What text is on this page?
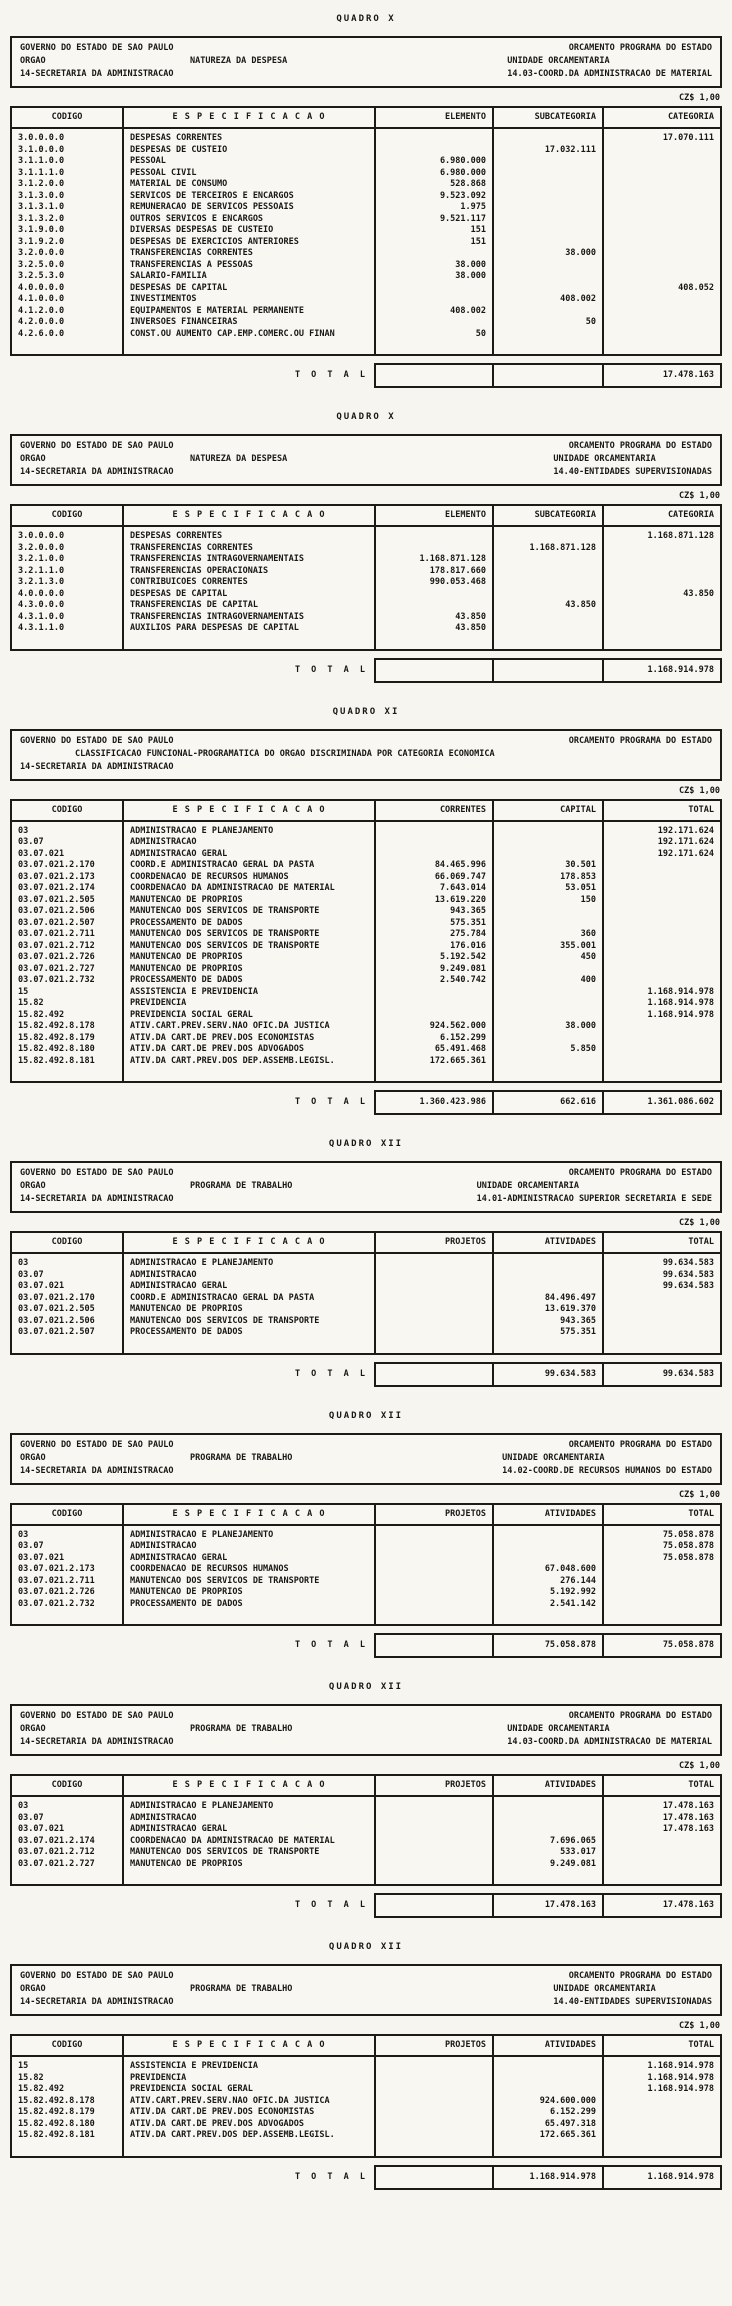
QUADRO X
GOVERNO DO ESTADO DE SAO PAULO
ORGAO	NATUREZA DA DESPESA
14-SECRETARIA DA ADMINISTRACAO
ORCAMENTO PROGRAMA DO ESTADO
UNIDADE ORCAMENTARIA
14.03-COORD.DA ADMINISTRACAO DE MATERIAL
CZ$ 1,00
CODIGO	E S P E C I F I C A C A O	ELEMENTO	SUBCATEGORIA	CATEGORIA
3.0.0.0.0	DESPESAS CORRENTES			17.070.111
3.1.0.0.0	DESPESAS DE CUSTEIO		17.032.111	
3.1.1.0.0	PESSOAL	6.980.000		
3.1.1.1.0	PESSOAL CIVIL	6.980.000		
3.1.2.0.0	MATERIAL DE CONSUMO	528.868		
3.1.3.0.0	SERVICOS DE TERCEIROS E ENCARGOS	9.523.092		
3.1.3.1.0	REMUNERACAO DE SERVICOS PESSOAIS	1.975		
3.1.3.2.0	OUTROS SERVICOS E ENCARGOS	9.521.117		
3.1.9.0.0	DIVERSAS DESPESAS DE CUSTEIO	151		
3.1.9.2.0	DESPESAS DE EXERCICIOS ANTERIORES	151		
3.2.0.0.0	TRANSFERENCIAS CORRENTES		38.000	
3.2.5.0.0	TRANSFERENCIAS A PESSOAS	38.000		
3.2.5.3.0	SALARIO-FAMILIA	38.000		
4.0.0.0.0	DESPESAS DE CAPITAL			408.052
4.1.0.0.0	INVESTIMENTOS		408.002	
4.1.2.0.0	EQUIPAMENTOS E MATERIAL PERMANENTE	408.002		
4.2.0.0.0	INVERSOES FINANCEIRAS		50	
4.2.6.0.0	CONST.OU AUMENTO CAP.EMP.COMERC.OU FINAN	50		
	T O T A L			17.478.163
QUADRO X
GOVERNO DO ESTADO DE SAO PAULO
ORGAO	NATUREZA DA DESPESA
14-SECRETARIA DA ADMINISTRACAO
ORCAMENTO PROGRAMA DO ESTADO
UNIDADE ORCAMENTARIA
14.40-ENTIDADES SUPERVISIONADAS
CZ$ 1,00
CODIGO	E S P E C I F I C A C A O	ELEMENTO	SUBCATEGORIA	CATEGORIA
3.0.0.0.0	DESPESAS CORRENTES			1.168.871.128
3.2.0.0.0	TRANSFERENCIAS CORRENTES		1.168.871.128	
3.2.1.0.0	TRANSFERENCIAS INTRAGOVERNAMENTAIS	1.168.871.128		
3.2.1.1.0	TRANSFERENCIAS OPERACIONAIS	178.817.660		
3.2.1.3.0	CONTRIBUICOES CORRENTES	990.053.468		
4.0.0.0.0	DESPESAS DE CAPITAL			43.850
4.3.0.0.0	TRANSFERENCIAS DE CAPITAL		43.850	
4.3.1.0.0	TRANSFERENCIAS INTRAGOVERNAMENTAIS	43.850		
4.3.1.1.0	AUXILIOS PARA DESPESAS DE CAPITAL	43.850		
	T O T A L			1.168.914.978
QUADRO XI
GOVERNO DO ESTADO DE SAO PAULO
CLASSIFICACAO FUNCIONAL-PROGRAMATICA DO ORGAO DISCRIMINADA POR CATEGORIA ECONOMICA
14-SECRETARIA DA ADMINISTRACAO
ORCAMENTO PROGRAMA DO ESTADO
CZ$ 1,00
CODIGO	E S P E C I F I C A C A O	CORRENTES	CAPITAL	TOTAL
03	ADMINISTRACAO E PLANEJAMENTO			192.171.624
03.07	ADMINISTRACAO			192.171.624
03.07.021	ADMINISTRACAO GERAL			192.171.624
03.07.021.2.170	COORD.E ADMINISTRACAO GERAL DA PASTA	84.465.996	30.501	
03.07.021.2.173	COORDENACAO DE RECURSOS HUMANOS	66.069.747	178.853	
03.07.021.2.174	COORDENACAO DA ADMINISTRACAO DE MATERIAL	7.643.014	53.051	
03.07.021.2.505	MANUTENCAO DE PROPRIOS	13.619.220	150	
03.07.021.2.506	MANUTENCAO DOS SERVICOS DE TRANSPORTE	943.365		
03.07.021.2.507	PROCESSAMENTO DE DADOS	575.351		
03.07.021.2.711	MANUTENCAO DOS SERVICOS DE TRANSPORTE	275.784	360	
03.07.021.2.712	MANUTENCAO DOS SERVICOS DE TRANSPORTE	176.016	355.001	
03.07.021.2.726	MANUTENCAO DE PROPRIOS	5.192.542	450	
03.07.021.2.727	MANUTENCAO DE PROPRIOS	9.249.081		
03.07.021.2.732	PROCESSAMENTO DE DADOS	2.540.742	400	
15	ASSISTENCIA E PREVIDENCIA			1.168.914.978
15.82	PREVIDENCIA			1.168.914.978
15.82.492	PREVIDENCIA SOCIAL GERAL			1.168.914.978
15.82.492.8.178	ATIV.CART.PREV.SERV.NAO OFIC.DA JUSTICA	924.562.000	38.000	
15.82.492.8.179	ATIV.DA CART.DE PREV.DOS ECONOMISTAS	6.152.299		
15.82.492.8.180	ATIV.DA CART.DE PREV.DOS ADVOGADOS	65.491.468	5.850	
15.82.492.8.181	ATIV.DA CART.PREV.DOS DEP.ASSEMB.LEGISL.	172.665.361		
	T O T A L	1.360.423.986	662.616	1.361.086.602
QUADRO XII
GOVERNO DO ESTADO DE SAO PAULO
ORGAO	PROGRAMA DE TRABALHO
14-SECRETARIA DA ADMINISTRACAO
ORCAMENTO PROGRAMA DO ESTADO
UNIDADE ORCAMENTARIA
14.01-ADMINISTRACAO SUPERIOR SECRETARIA E SEDE
CZ$ 1,00
CODIGO	E S P E C I F I C A C A O	PROJETOS	ATIVIDADES	TOTAL
03	ADMINISTRACAO E PLANEJAMENTO			99.634.583
03.07	ADMINISTRACAO			99.634.583
03.07.021	ADMINISTRACAO GERAL			99.634.583
03.07.021.2.170	COORD.E ADMINISTRACAO GERAL DA PASTA		84.496.497	
03.07.021.2.505	MANUTENCAO DE PROPRIOS		13.619.370	
03.07.021.2.506	MANUTENCAO DOS SERVICOS DE TRANSPORTE		943.365	
03.07.021.2.507	PROCESSAMENTO DE DADOS		575.351	
	T O T A L		99.634.583	99.634.583
QUADRO XII
GOVERNO DO ESTADO DE SAO PAULO
ORGAO	PROGRAMA DE TRABALHO
14-SECRETARIA DA ADMINISTRACAO
ORCAMENTO PROGRAMA DO ESTADO
UNIDADE ORCAMENTARIA
14.02-COORD.DE RECURSOS HUMANOS DO ESTADO
CZ$ 1,00
CODIGO	E S P E C I F I C A C A O	PROJETOS	ATIVIDADES	TOTAL
03	ADMINISTRACAO E PLANEJAMENTO			75.058.878
03.07	ADMINISTRACAO			75.058.878
03.07.021	ADMINISTRACAO GERAL			75.058.878
03.07.021.2.173	COORDENACAO DE RECURSOS HUMANOS		67.048.600	
03.07.021.2.711	MANUTENCAO DOS SERVICOS DE TRANSPORTE		276.144	
03.07.021.2.726	MANUTENCAO DE PROPRIOS		5.192.992	
03.07.021.2.732	PROCESSAMENTO DE DADOS		2.541.142	
	T O T A L		75.058.878	75.058.878
QUADRO XII
GOVERNO DO ESTADO DE SAO PAULO
ORGAO	PROGRAMA DE TRABALHO
14-SECRETARIA DA ADMINISTRACAO
ORCAMENTO PROGRAMA DO ESTADO
UNIDADE ORCAMENTARIA
14.03-COORD.DA ADMINISTRACAO DE MATERIAL
CZ$ 1,00
CODIGO	E S P E C I F I C A C A O	PROJETOS	ATIVIDADES	TOTAL
03	ADMINISTRACAO E PLANEJAMENTO			17.478.163
03.07	ADMINISTRACAO			17.478.163
03.07.021	ADMINISTRACAO GERAL			17.478.163
03.07.021.2.174	COORDENACAO DA ADMINISTRACAO DE MATERIAL		7.696.065	
03.07.021.2.712	MANUTENCAO DOS SERVICOS DE TRANSPORTE		533.017	
03.07.021.2.727	MANUTENCAO DE PROPRIOS		9.249.081	
	T O T A L		17.478.163	17.478.163
QUADRO XII
GOVERNO DO ESTADO DE SAO PAULO
ORGAO	PROGRAMA DE TRABALHO
14-SECRETARIA DA ADMINISTRACAO
ORCAMENTO PROGRAMA DO ESTADO
UNIDADE ORCAMENTARIA
14.40-ENTIDADES SUPERVISIONADAS
CZ$ 1,00
CODIGO	E S P E C I F I C A C A O	PROJETOS	ATIVIDADES	TOTAL
15	ASSISTENCIA E PREVIDENCIA			1.168.914.978
15.82	PREVIDENCIA			1.168.914.978
15.82.492	PREVIDENCIA SOCIAL GERAL			1.168.914.978
15.82.492.8.178	ATIV.CART.PREV.SERV.NAO OFIC.DA JUSTICA		924.600.000	
15.82.492.8.179	ATIV.DA CART.DE PREV.DOS ECONOMISTAS		6.152.299	
15.82.492.8.180	ATIV.DA CART.DE PREV.DOS ADVOGADOS		65.497.318	
15.82.492.8.181	ATIV.DA CART.PREV.DOS DEP.ASSEMB.LEGISL.		172.665.361	
	T O T A L		1.168.914.978	1.168.914.978
